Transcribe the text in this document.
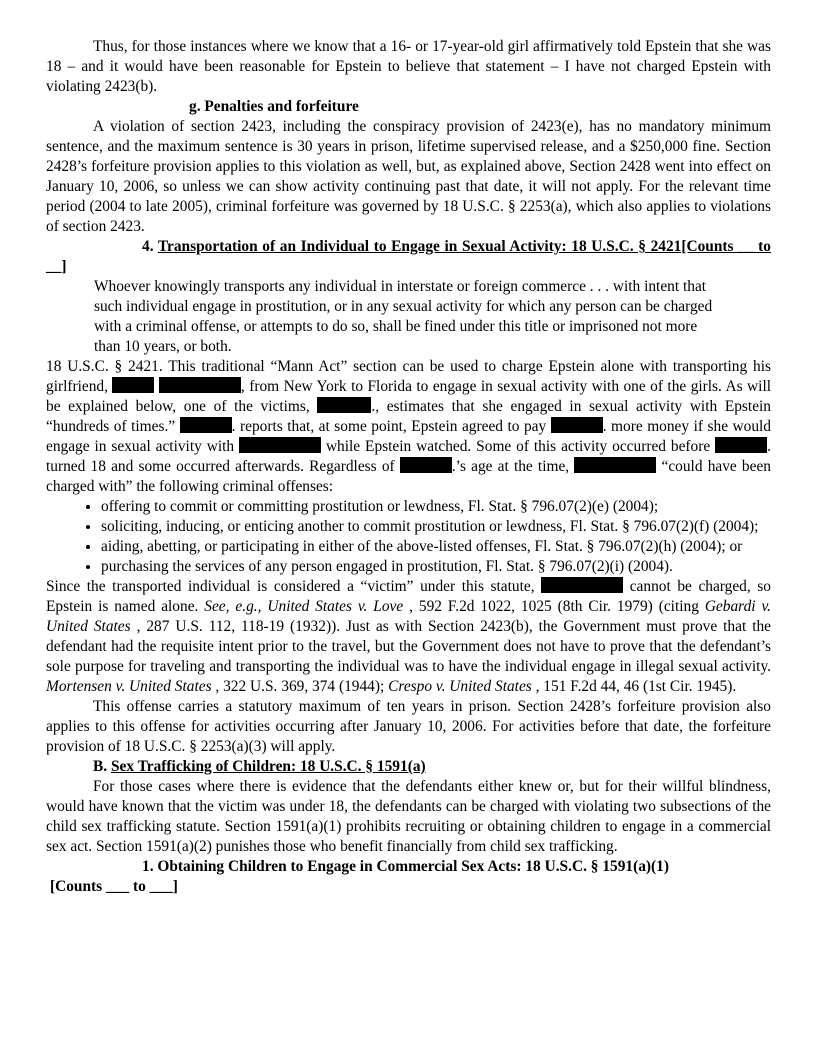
Thus, for those instances where we know that a 16- or 17-year-old girl affirmatively told Epstein that she was 18 – and it would have been reasonable for Epstein to believe that statement – I have not charged Epstein with violating 2423(b).

g. Penalties and forfeiture

A violation of section 2423, including the conspiracy provision of 2423(e), has no mandatory minimum sentence, and the maximum sentence is 30 years in prison, lifetime supervised release, and a $250,000 fine. Section 2428’s forfeiture provision applies to this violation as well, but, as explained above, Section 2428 went into effect on January 10, 2006, so unless we can show activity continuing past that date, it will not apply. For the relevant time period (2004 to late 2005), criminal forfeiture was governed by 18 U.S.C. § 2253(a), which also applies to violations of section 2423.

4. Transportation of an Individual to Engage in Sexual Activity: 18 U.S.C. § 2421[Counts __ to __]

Whoever knowingly transports any individual in interstate or foreign commerce . . . with intent that such individual engage in prostitution, or in any sexual activity for which any person can be charged with a criminal offense, or attempts to do so, shall be fined under this title or imprisoned not more than 10 years, or both.

18 U.S.C. § 2421. This traditional “Mann Act” section can be used to charge Epstein alone with transporting his girlfriend,	, from New York to Florida to engage in sexual activity with one of the girls. As will be explained below, one of the victims,	., estimates that she engaged in sexual activity with Epstein “hundreds of times.”	. reports that, at some point, Epstein agreed to pay	. more money if she would engage in sexual activity with	while Epstein watched. Some of this activity occurred before	. turned 18 and some occurred afterwards. Regardless of	.’s age at the time,	“could have been charged with” the following criminal offenses:

• offering to commit or committing prostitution or lewdness, Fl. Stat. § 796.07(2)(e) (2004);
• soliciting, inducing, or enticing another to commit prostitution or lewdness, Fl. Stat. § 796.07(2)(f) (2004);
• aiding, abetting, or participating in either of the above-listed offenses, Fl. Stat. § 796.07(2)(h) (2004); or
• purchasing the services of any person engaged in prostitution, Fl. Stat. § 796.07(2)(i) (2004).

Since the transported individual is considered a “victim” under this statute,	cannot be charged, so Epstein is named alone. See, e.g., United States v. Love , 592 F.2d 1022, 1025 (8th Cir. 1979) (citing Gebardi v. United States , 287 U.S. 112, 118-19 (1932)). Just as with Section 2423(b), the Government must prove that the defendant had the requisite intent prior to the travel, but the Government does not have to prove that the defendant’s sole purpose for traveling and transporting the individual was to have the individual engage in illegal sexual activity. Mortensen v. United States , 322 U.S. 369, 374 (1944); Crespo v. United States , 151 F.2d 44, 46 (1st Cir. 1945).

This offense carries a statutory maximum of ten years in prison. Section 2428’s forfeiture provision also applies to this offense for activities occurring after January 10, 2006. For activities before that date, the forfeiture provision of 18 U.S.C. § 2253(a)(3) will apply.

B. Sex Trafficking of Children: 18 U.S.C. § 1591(a)

For those cases where there is evidence that the defendants either knew or, but for their willful blindness, would have known that the victim was under 18, the defendants can be charged with violating two subsections of the child sex trafficking statute. Section 1591(a)(1) prohibits recruiting or obtaining children to engage in a commercial sex act. Section 1591(a)(2) punishes those who benefit financially from child sex trafficking.

1. Obtaining Children to Engage in Commercial Sex Acts: 18 U.S.C. § 1591(a)(1)

[Counts ___ to ___]
